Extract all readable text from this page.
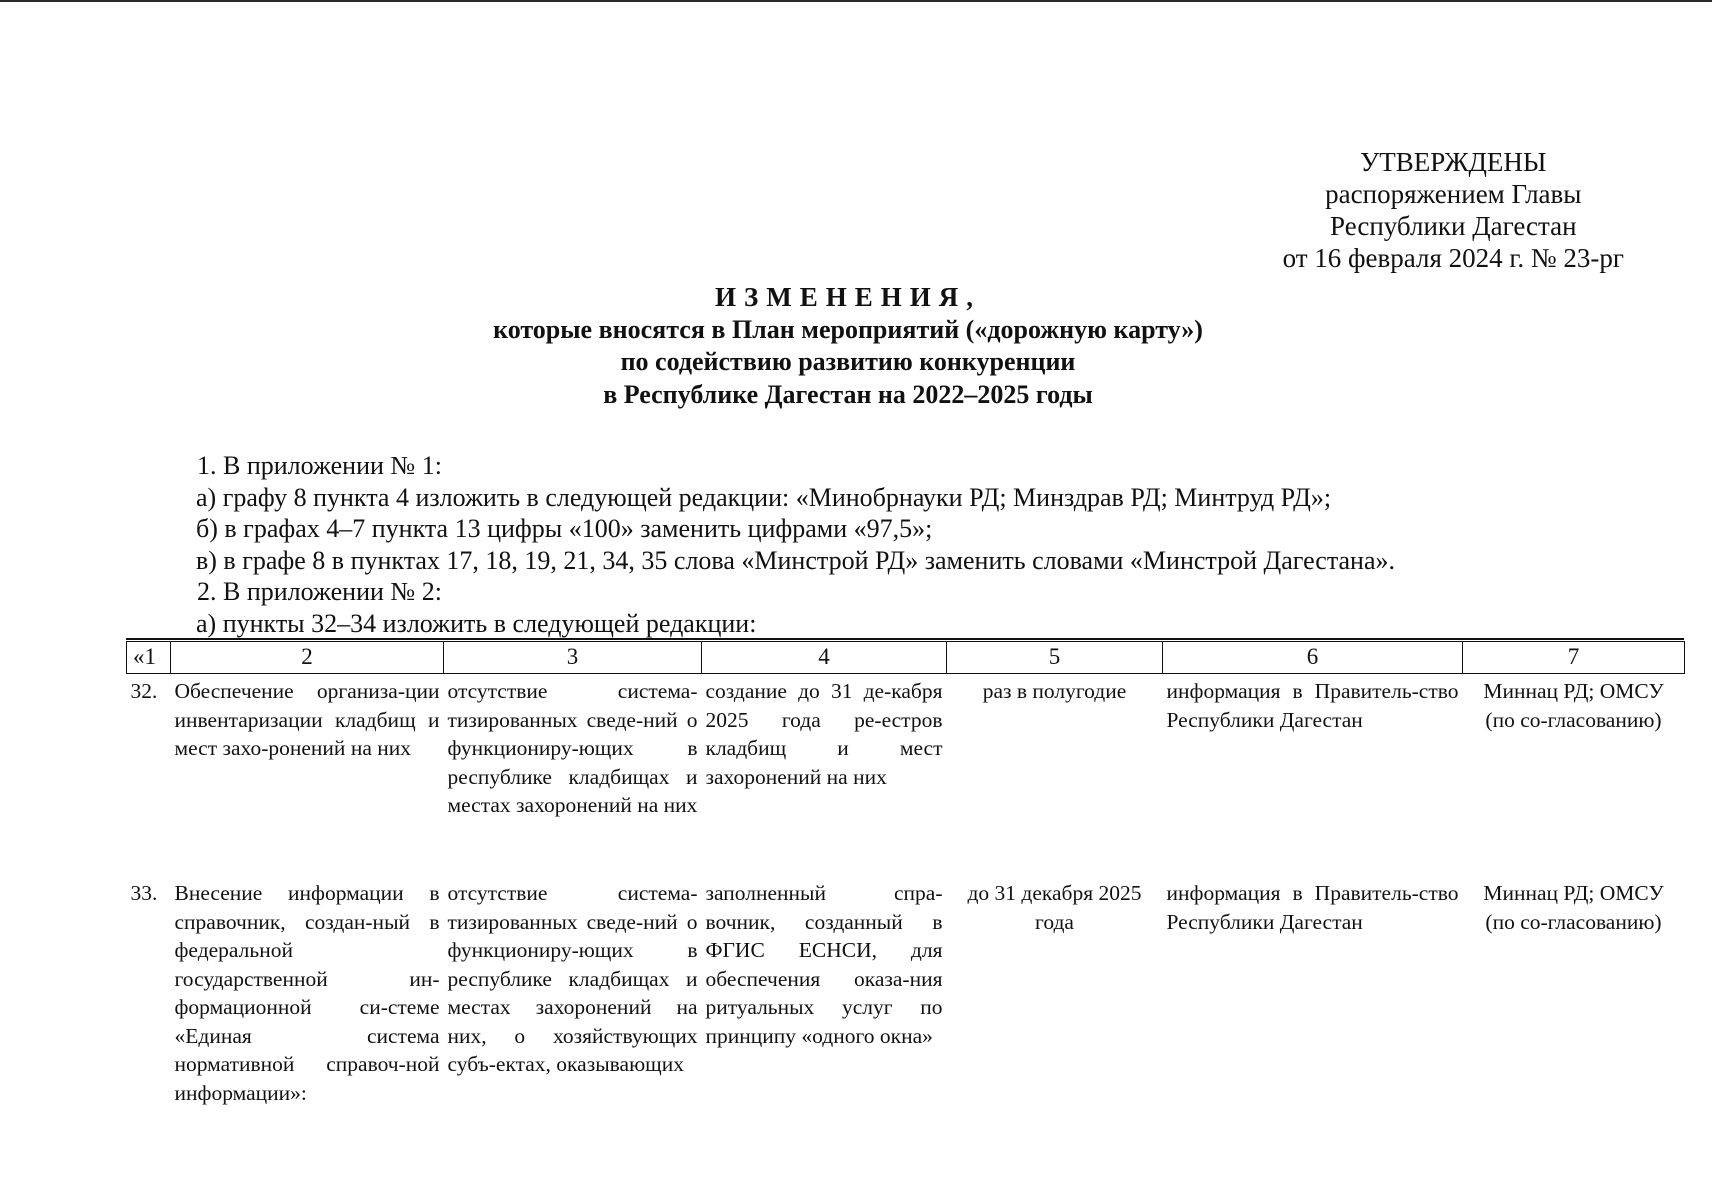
УТВЕРЖДЕНЫ
распоряжением Главы
Республики Дагестан
от 16 февраля 2024 г. № 23-рг
ИЗМЕНЕНИЯ,
которые вносятся в План мероприятий («дорожную карту»)
по содействию развитию конкуренции
в Республике Дагестан на 2022–2025 годы
1. В приложении № 1:
а) графу 8 пункта 4 изложить в следующей редакции: «Минобрнауки РД; Минздрав РД; Минтруд РД»;
б) в графах 4–7 пункта 13 цифры «100» заменить цифрами «97,5»;
в) в графе 8 в пунктах 17, 18, 19, 21, 34, 35 слова «Минстрой РД» заменить словами «Минстрой Дагестана».
2. В приложении № 2:
а) пункты 32–34 изложить в следующей редакции:
«1	2	3	4	5	6	7
32.	Обеспечение организа-ции инвентаризации кладбищ и мест захо-ронений на них	отсутствие система-тизированных сведе-ний о функциониру-ющих в республике кладбищах и местах захоронений на них	создание до 31 де-кабря 2025 года ре-естров кладбищ и мест захоронений на них	раз в полугодие	информация в Правитель-ство Республики Дагестан	Миннац РД; ОМСУ (по со-гласованию)
33.	Внесение информации в справочник, создан-ный в федеральной государственной ин-формационной си-стеме «Единая система нормативной справоч-ной информации»:	отсутствие система-тизированных сведе-ний о функциониру-ющих в республике кладбищах и местах захоронений на них, о хозяйствующих субъ-ектах, оказывающих	заполненный спра-вочник, созданный в ФГИС ЕСНСИ, для обеспечения оказа-ния ритуальных услуг по принципу «одного окна»	до 31 декабря 2025 года	информация в Правитель-ство Республики Дагестан	Миннац РД; ОМСУ (по со-гласованию)
